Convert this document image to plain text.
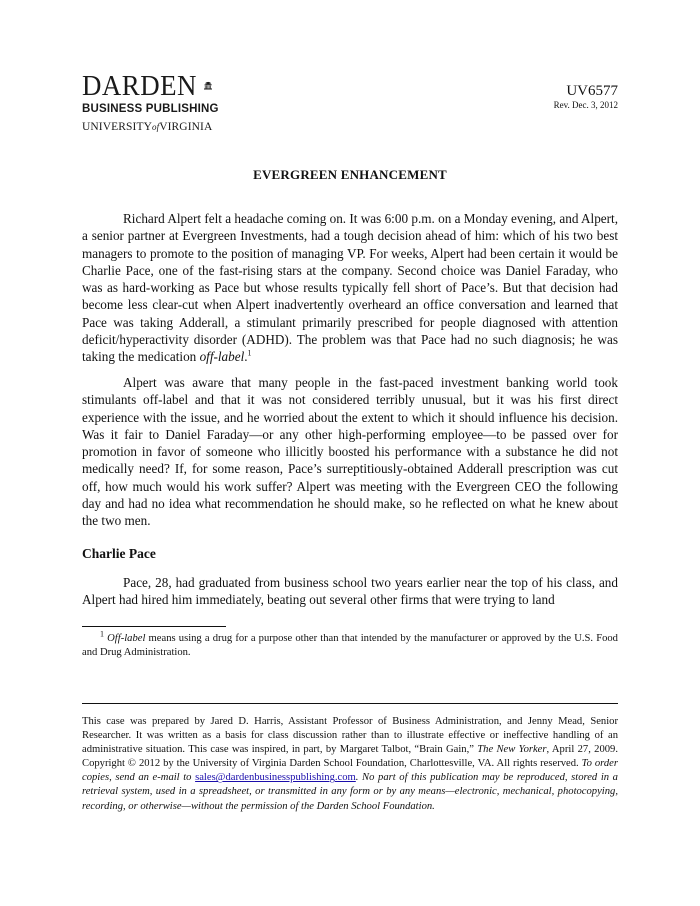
DARDEN
BUSINESS PUBLISHING
UNIVERSITYofVIRGINIA
UV6577
Rev. Dec. 3, 2012
EVERGREEN ENHANCEMENT

Richard Alpert felt a headache coming on. It was 6:00 p.m. on a Monday evening, and Alpert, a senior partner at Evergreen Investments, had a tough decision ahead of him: which of his two best managers to promote to the position of managing VP. For weeks, Alpert had been certain it would be Charlie Pace, one of the fast-rising stars at the company. Second choice was Daniel Faraday, who was as hard-working as Pace but whose results typically fell short of Pace’s. But that decision had become less clear-cut when Alpert inadvertently overheard an office conversation and learned that Pace was taking Adderall, a stimulant primarily prescribed for people diagnosed with attention deficit/hyperactivity disorder (ADHD). The problem was that Pace had no such diagnosis; he was taking the medication off-label.$^1$

Alpert was aware that many people in the fast-paced investment banking world took stimulants off-label and that it was not considered terribly unusual, but it was his first direct experience with the issue, and he worried about the extent to which it should influence his decision. Was it fair to Daniel Faraday—or any other high-performing employee—to be passed over for promotion in favor of someone who illicitly boosted his performance with a substance he did not medically need? If, for some reason, Pace’s surreptitiously-obtained Adderall prescription was cut off, how much would his work suffer? Alpert was meeting with the Evergreen CEO the following day and had no idea what recommendation he should make, so he reflected on what he knew about the two men.

Charlie Pace

Pace, 28, had graduated from business school two years earlier near the top of his class, and Alpert had hired him immediately, beating out several other firms that were trying to land

$^1$ Off-label means using a drug for a purpose other than that intended by the manufacturer or approved by the U.S. Food and Drug Administration.

This case was prepared by Jared D. Harris, Assistant Professor of Business Administration, and Jenny Mead, Senior Researcher. It was written as a basis for class discussion rather than to illustrate effective or ineffective handling of an administrative situation. This case was inspired, in part, by Margaret Talbot, “Brain Gain,” The New Yorker, April 27, 2009. Copyright © 2012 by the University of Virginia Darden School Foundation, Charlottesville, VA. All rights reserved. To order copies, send an e-mail to sales@dardenbusinesspublishing.com. No part of this publication may be reproduced, stored in a retrieval system, used in a spreadsheet, or transmitted in any form or by any means—electronic, mechanical, photocopying, recording, or otherwise—without the permission of the Darden School Foundation.
